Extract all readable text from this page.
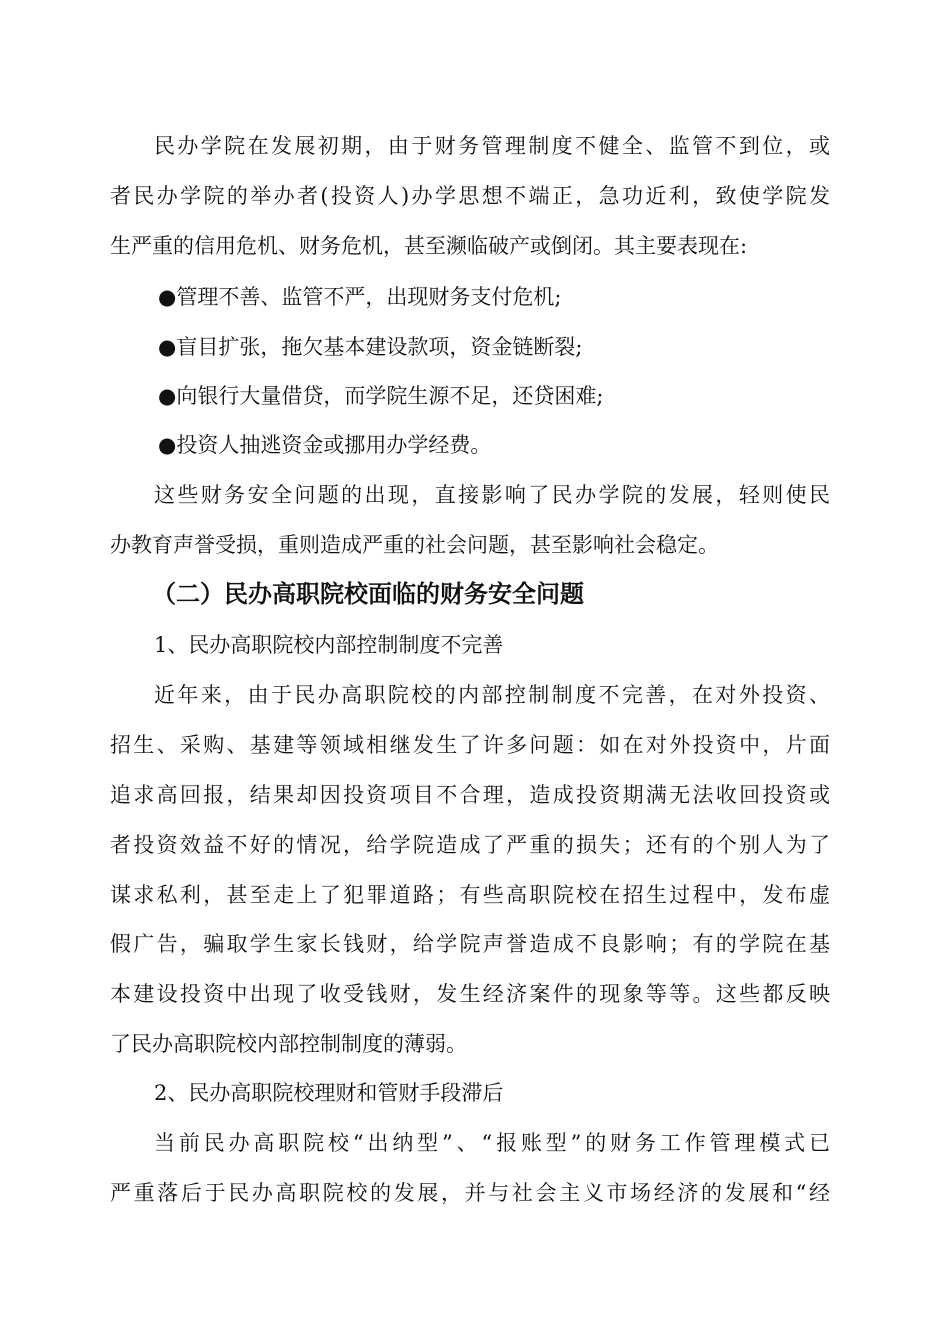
民办学院在发展初期，由于财务管理制度不健全、监管不到位，或
者民办学院的举办者(投资人)办学思想不端正，急功近利，致使学院发
生严重的信用危机、财务危机，甚至濒临破产或倒闭。其主要表现在:
●管理不善、监管不严，出现财务支付危机;
●盲目扩张，拖欠基本建设款项，资金链断裂;
●向银行大量借贷，而学院生源不足，还贷困难;
●投资人抽逃资金或挪用办学经费。
这些财务安全问题的出现，直接影响了民办学院的发展，轻则使民
办教育声誉受损，重则造成严重的社会问题，甚至影响社会稳定。
（二）民办高职院校面临的财务安全问题
1、民办高职院校内部控制制度不完善
近年来，由于民办高职院校的内部控制制度不完善，在对外投资、
招生、采购、基建等领域相继发生了许多问题：如在对外投资中，片面
追求高回报，结果却因投资项目不合理，造成投资期满无法收回投资或
者投资效益不好的情况，给学院造成了严重的损失；还有的个别人为了
谋求私利，甚至走上了犯罪道路；有些高职院校在招生过程中，发布虚
假广告，骗取学生家长钱财，给学院声誉造成不良影响；有的学院在基
本建设投资中出现了收受钱财，发生经济案件的现象等等。这些都反映
了民办高职院校内部控制制度的薄弱。
2、民办高职院校理财和管财手段滞后
当前民办高职院校“出纳型”、“报账型”的财务工作管理模式已
严重落后于民办高职院校的发展，并与社会主义市场经济的发展和“经
